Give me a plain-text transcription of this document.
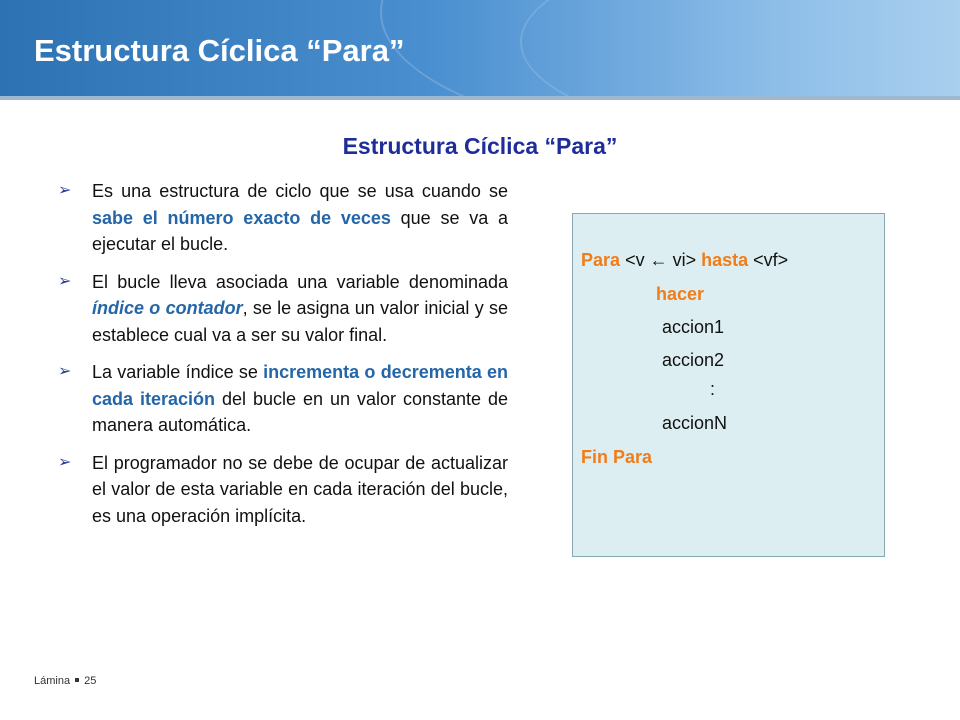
Estructura Cíclica “Para”
Estructura Cíclica “Para”
➢ Es una estructura de ciclo que se usa cuando se sabe el número exacto de veces que se va a ejecutar el bucle.
➢ El bucle lleva asociada una variable denominada índice o contador, se le asigna un valor inicial y se establece cual va a ser su valor final.
➢ La variable índice se incrementa o decrementa en cada iteración del bucle en un valor constante de manera automática.
➢ El programador no se debe de ocupar de actualizar el valor de esta variable en cada iteración del bucle, es una operación implícita.
Para <v ← vi> hasta <vf>
hacer
accion1
accion2
:
accionN
Fin Para
Lámina 25
